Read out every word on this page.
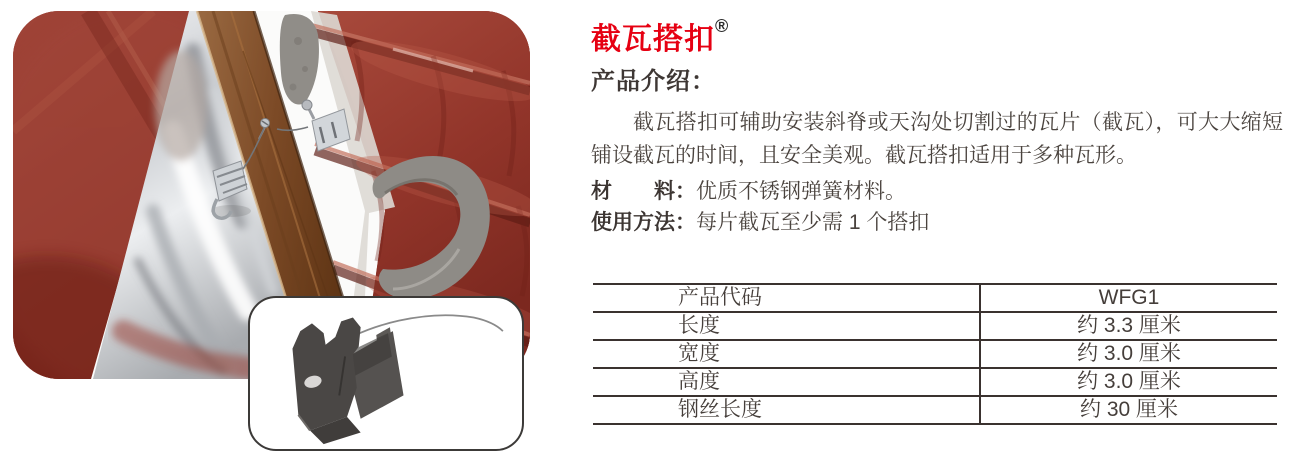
截瓦搭扣®
产品介绍：

截瓦搭扣可辅助安装斜脊或天沟处切割过的瓦片（截瓦），可大大缩短铺设截瓦的时间，且安全美观。截瓦搭扣适用于多种瓦形。

材　　料：优质不锈钢弹簧材料。

使用方法：每片截瓦至少需 1 个搭扣

产品代码	WFG1
长度	约 3.3 厘米
宽度	约 3.0 厘米
高度	约 3.0 厘米
钢丝长度	约 30 厘米
